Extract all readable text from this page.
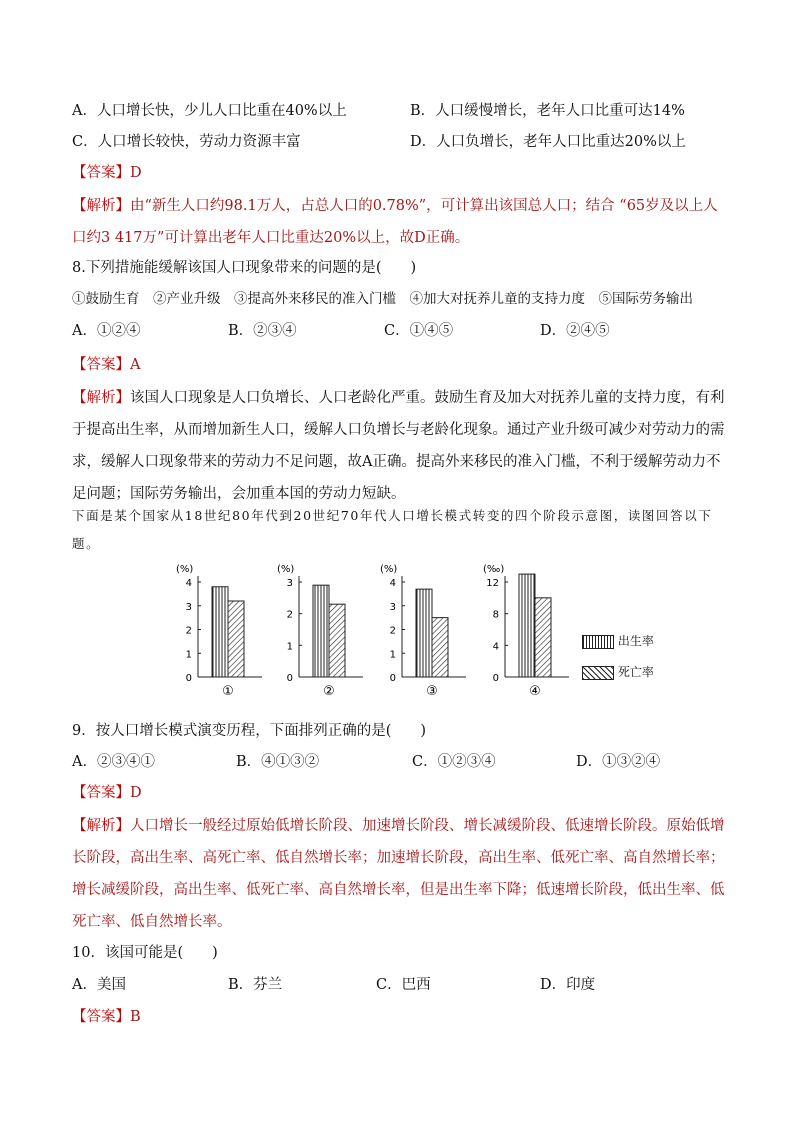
A．人口增长快，少儿人口比重在40%以上	B．人口缓慢增长，老年人口比重可达14%
C．人口增长较快，劳动力资源丰富	D．人口负增长，老年人口比重达20%以上
【答案】D
【解析】由“新生人口约98.1万人，占总人口的0.78%”，可计算出该国总人口；结合 “65岁及以上人口约3 417万”可计算出老年人口比重达20%以上，故D正确。
8.下列措施能缓解该国人口现象带来的问题的是(　　)
①鼓励生育　②产业升级　③提高外来移民的准入门槛　④加大对抚养儿童的支持力度　⑤国际劳务输出
A．①②④	B．②③④	C．①④⑤	D．②④⑤
【答案】A
【解析】该国人口现象是人口负增长、人口老龄化严重。鼓励生育及加大对抚养儿童的支持力度，有利于提高出生率，从而增加新生人口，缓解人口负增长与老龄化现象。通过产业升级可减少对劳动力的需求，缓解人口现象带来的劳动力不足问题，故A正确。提高外来移民的准入门槛，不利于缓解劳动力不足问题；国际劳务输出，会加重本国的劳动力短缺。
下面是某个国家从18世纪80年代到20世纪70年代人口增长模式转变的四个阶段示意图，读图回答以下题。
(%)
0
1
2
3
4
①
(%)
0
1
2
3
②
(%)
0
1
2
3
4
③
(‰)
0
4
8
12
④
出生率
死亡率
9．按人口增长模式演变历程，下面排列正确的是(　　)
A．②③④①	B．④①③②	C．①②③④	D．①③②④
【答案】D
【解析】人口增长一般经过原始低增长阶段、加速增长阶段、增长减缓阶段、低速增长阶段。原始低增长阶段，高出生率、高死亡率、低自然增长率；加速增长阶段，高出生率、低死亡率、高自然增长率；增长减缓阶段，高出生率、低死亡率、高自然增长率，但是出生率下降；低速增长阶段，低出生率、低死亡率、低自然增长率。
10．该国可能是(　　)
A．美国	B．芬兰	C．巴西	D．印度
【答案】B
